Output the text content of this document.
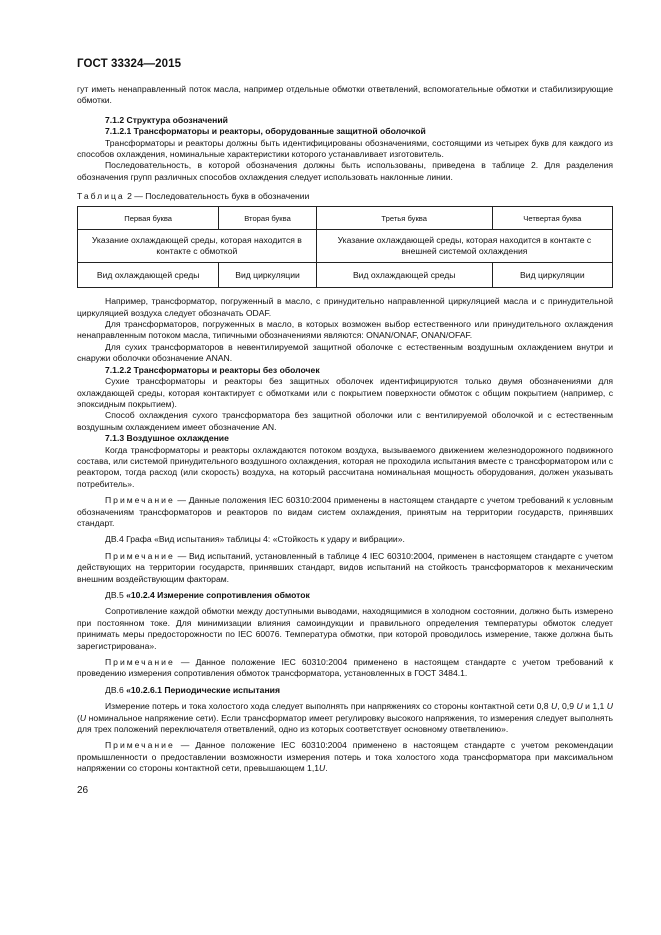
ГОСТ 33324—2015

гут иметь ненаправленный поток масла, например отдельные обмотки ответвлений, вспомогательные обмотки и стабилизирующие обмотки.

7.1.2 Структура обозначений

7.1.2.1 Трансформаторы и реакторы, оборудованные защитной оболочкой

Трансформаторы и реакторы должны быть идентифицированы обозначениями, состоящими из четырех букв для каждого из способов охлаждения, номинальные характеристики которого устанавливает изготовитель.

Последовательность, в которой обозначения должны быть использованы, приведена в таблице 2. Для разделения обозначения групп различных способов охлаждения следует использовать наклонные линии.

Таблица 2 — Последовательность букв в обозначении
Первая буква	Вторая буква	Третья буква	Четвертая буква
Указание охлаждающей среды, которая находится в контакте с обмоткой		Указание охлаждающей среды, которая находится в контакте с внешней системой охлаждения	
Вид охлаждающей среды	Вид циркуляции	Вид охлаждающей среды	Вид циркуляции

Например, трансформатор, погруженный в масло, с принудительно направленной циркуляцией масла и с принудительной циркуляцией воздуха следует обозначать ODAF.

Для трансформаторов, погруженных в масло, в которых возможен выбор естественного или принудительного охлаждения ненаправленным потоком масла, типичными обозначениями являются: ONAN/ONAF, ONAN/OFAF.

Для сухих трансформаторов в невентилируемой защитной оболочке с естественным воздушным охлаждением внутри и снаружи оболочки обозначение ANAN.

7.1.2.2 Трансформаторы и реакторы без оболочек

Сухие трансформаторы и реакторы без защитных оболочек идентифицируются только двумя обозначениями для охлаждающей среды, которая контактирует с обмотками или с покрытием поверхности обмоток с общим покрытием (например, с эпоксидным покрытием).

Способ охлаждения сухого трансформатора без защитной оболочки или с вентилируемой оболочкой и с естественным воздушным охлаждением имеет обозначение AN.

7.1.3 Воздушное охлаждение

Когда трансформаторы и реакторы охлаждаются потоком воздуха, вызываемого движением железнодорожного подвижного состава, или системой принудительного воздушного охлаждения, которая не проходила испытания вместе с трансформатором или с реактором, тогда расход (или скорость) воздуха, на который рассчитана номинальная мощность оборудования, должен указывать потребитель».

Примечание — Данные положения IEC 60310:2004 применены в настоящем стандарте с учетом требований к условным обозначениям трансформаторов и реакторов по видам систем охлаждения, принятым на территории государств, принявших стандарт.

ДВ.4 Графа «Вид испытания» таблицы 4: «Стойкость к удару и вибрации».

Примечание — Вид испытаний, установленный в таблице 4 IEC 60310:2004, применен в настоящем стандарте с учетом действующих на территории государств, принявших стандарт, видов испытаний на стойкость трансформаторов к механическим внешним воздействующим факторам.

ДВ.5 «10.2.4 Измерение сопротивления обмоток

Сопротивление каждой обмотки между доступными выводами, находящимися в холодном состоянии, должно быть измерено при постоянном токе. Для минимизации влияния самоиндукции и правильного определения температуры обмоток следует принимать меры предосторожности по IEC 60076. Температура обмотки, при которой проводилось измерение, также должна быть зарегистрирована».

Примечание — Данное положение IEC 60310:2004 применено в настоящем стандарте с учетом требований к проведению измерения сопротивления обмоток трансформатора, установленных в ГОСТ 3484.1.

ДВ.6 «10.2.6.1 Периодические испытания

Измерение потерь и тока холостого хода следует выполнять при напряжениях со стороны контактной сети 0,8 U, 0,9 U и 1,1 U (U номинальное напряжение сети). Если трансформатор имеет регулировку высокого напряжения, то измерения следует выполнять для трех положений переключателя ответвлений, одно из которых соответствует основному ответвлению».

Примечание — Данное положение IEC 60310:2004 применено в настоящем стандарте с учетом рекомендации промышленности о предоставлении возможности измерения потерь и тока холостого хода трансформатора при максимальном напряжении со стороны контактной сети, превышающем 1,1U.

26
